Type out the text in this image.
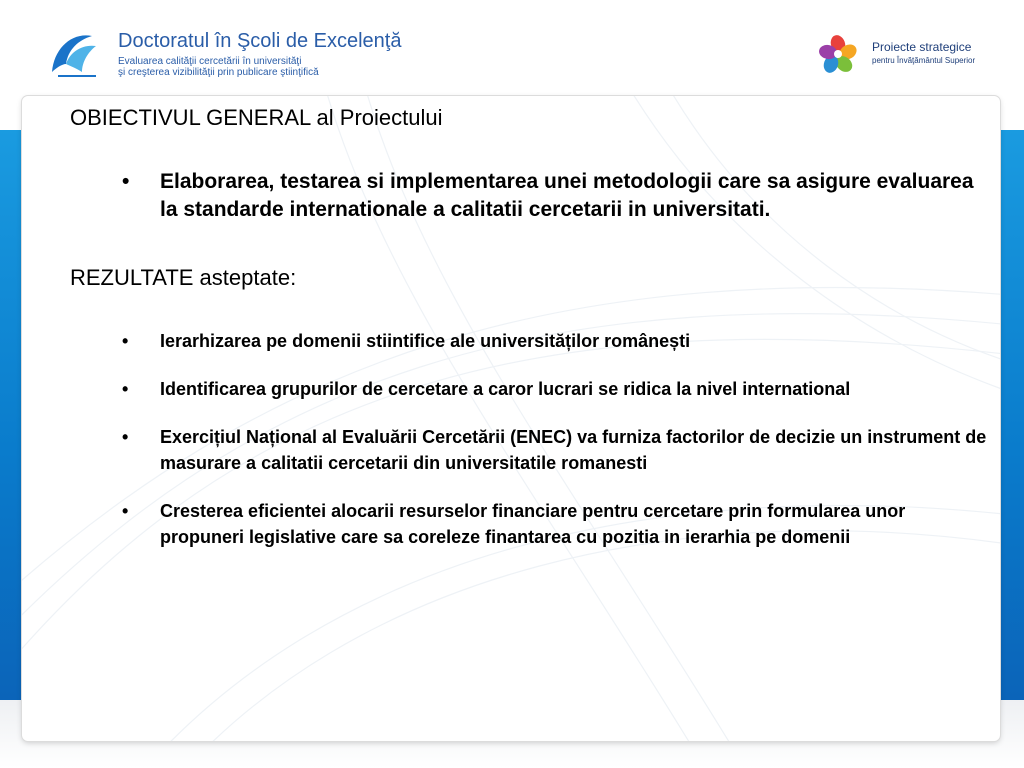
Doctoratul în Şcoli de Excelenţă
Evaluarea calităţii cercetării în universităţi
şi creşterea vizibilităţii prin publicare ştiinţifică
Proiecte strategice
pentru Învăţământul Superior
OBIECTIVUL GENERAL al Proiectului
• Elaborarea, testarea si implementarea unei metodologii care sa asigure evaluarea la standarde internationale a calitatii cercetarii in universitati.
REZULTATE asteptate:
• Ierarhizarea pe domenii stiintifice ale universităților românești
• Identificarea grupurilor de cercetare a caror lucrari se ridica la nivel international
• Exercițiul Național al Evaluării Cercetării (ENEC) va furniza factorilor de decizie un instrument de masurare a calitatii cercetarii din universitatile romanesti
• Cresterea eficientei alocarii resurselor financiare pentru cercetare prin formularea unor propuneri legislative care sa coreleze finantarea cu pozitia in ierarhia pe domenii
